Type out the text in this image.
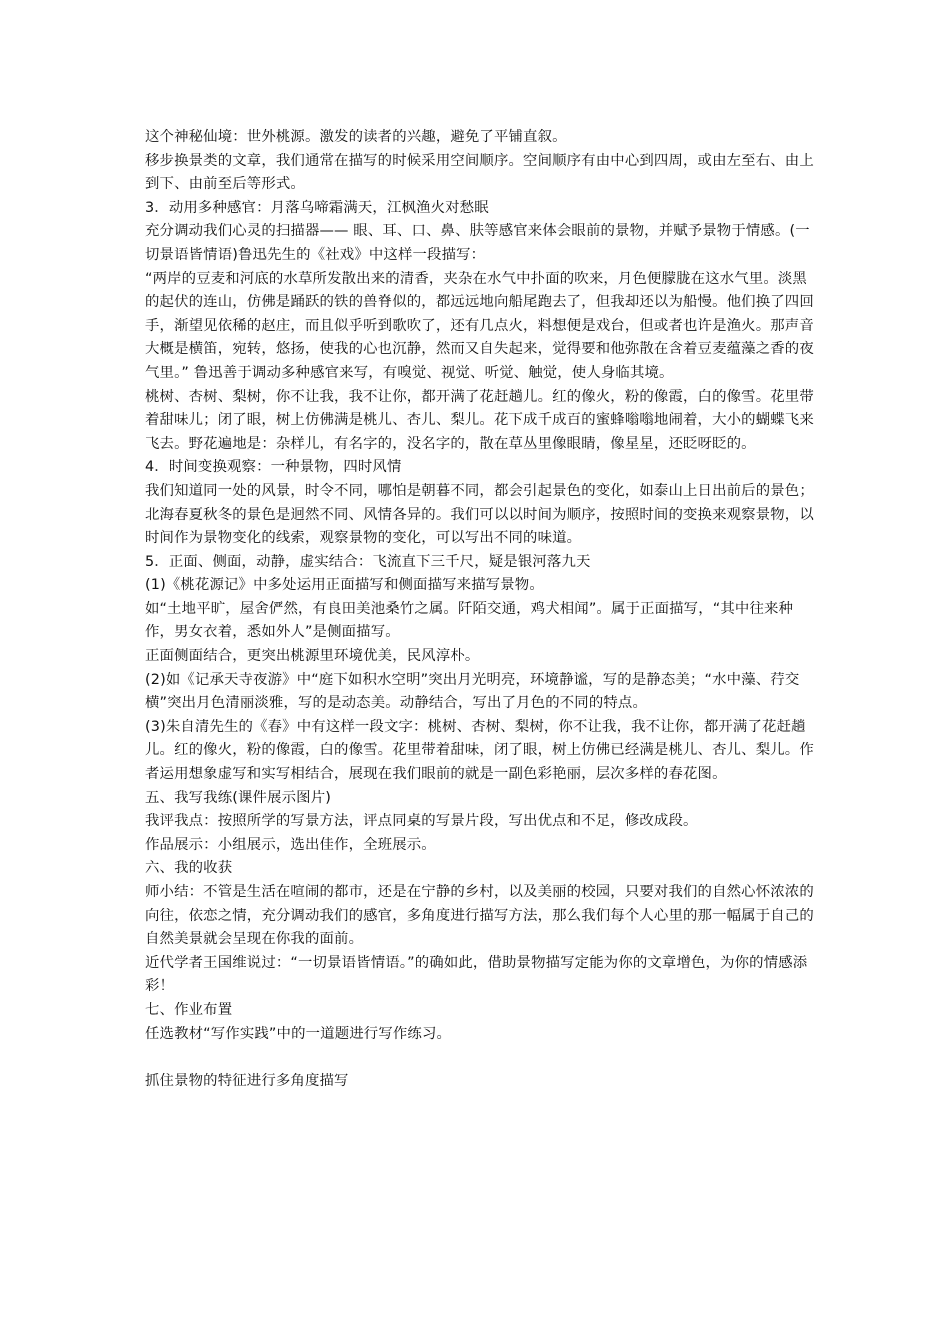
这个神秘仙境：世外桃源。激发的读者的兴趣，避免了平铺直叙。

移步换景类的文章，我们通常在描写的时候采用空间顺序。空间顺序有由中心到四周，或由左至右、由上到下、由前至后等形式。

3．动用多种感官：月落乌啼霜满天，江枫渔火对愁眠

充分调动我们心灵的扫描器—— 眼、耳、口、鼻、肤等感官来体会眼前的景物，并赋予景物于情感。(一切景语皆情语)鲁迅先生的《社戏》中这样一段描写：

“两岸的豆麦和河底的水草所发散出来的清香，夹杂在水气中扑面的吹来，月色便朦胧在这水气里。淡黑的起伏的连山，仿佛是踊跃的铁的兽脊似的，都远远地向船尾跑去了，但我却还以为船慢。他们换了四回手，渐望见依稀的赵庄，而且似乎听到歌吹了，还有几点火，料想便是戏台，但或者也许是渔火。那声音大概是横笛，宛转，悠扬，使我的心也沉静，然而又自失起来，觉得要和他弥散在含着豆麦蕴藻之香的夜气里。” 鲁迅善于调动多种感官来写，有嗅觉、视觉、听觉、触觉，使人身临其境。

桃树、杏树、梨树，你不让我，我不让你，都开满了花赶趟儿。红的像火，粉的像霞，白的像雪。花里带着甜味儿；闭了眼，树上仿佛满是桃儿、杏儿、梨儿。花下成千成百的蜜蜂嗡嗡地闹着，大小的蝴蝶飞来飞去。野花遍地是：杂样儿，有名字的，没名字的，散在草丛里像眼睛，像星星，还眨呀眨的。

4．时间变换观察：一种景物，四时风情

我们知道同一处的风景，时令不同，哪怕是朝暮不同，都会引起景色的变化，如泰山上日出前后的景色；北海春夏秋冬的景色是迥然不同、风情各异的。我们可以以时间为顺序，按照时间的变换来观察景物，以时间作为景物变化的线索，观察景物的变化，可以写出不同的味道。

5．正面、侧面，动静，虚实结合：飞流直下三千尺，疑是银河落九天

(1)《桃花源记》中多处运用正面描写和侧面描写来描写景物。

如“土地平旷，屋舍俨然，有良田美池桑竹之属。阡陌交通，鸡犬相闻”。属于正面描写，“其中往来种作，男女衣着，悉如外人”是侧面描写。

正面侧面结合，更突出桃源里环境优美，民风淳朴。

(2)如《记承天寺夜游》中“庭下如积水空明”突出月光明亮，环境静谧，写的是静态美；“水中藻、荇交横”突出月色清丽淡雅，写的是动态美。动静结合，写出了月色的不同的特点。

(3)朱自清先生的《春》中有这样一段文字：桃树、杏树、梨树，你不让我，我不让你，都开满了花赶趟儿。红的像火，粉的像霞，白的像雪。花里带着甜味，闭了眼，树上仿佛已经满是桃儿、杏儿、梨儿。作者运用想象虚写和实写相结合，展现在我们眼前的就是一副色彩艳丽，层次多样的春花图。

五、我写我练(课件展示图片)

我评我点：按照所学的写景方法，评点同桌的写景片段，写出优点和不足，修改成段。

作品展示：小组展示，选出佳作，全班展示。

六、我的收获

师小结：不管是生活在喧闹的都市，还是在宁静的乡村，以及美丽的校园，只要对我们的自然心怀浓浓的向往，依恋之情，充分调动我们的感官，多角度进行描写方法，那么我们每个人心里的那一幅属于自己的自然美景就会呈现在你我的面前。

近代学者王国维说过：“一切景语皆情语。”的确如此，借助景物描写定能为你的文章增色，为你的情感添彩！

七、作业布置

任选教材“写作实践”中的一道题进行写作练习。

抓住景物的特征进行多角度描写
